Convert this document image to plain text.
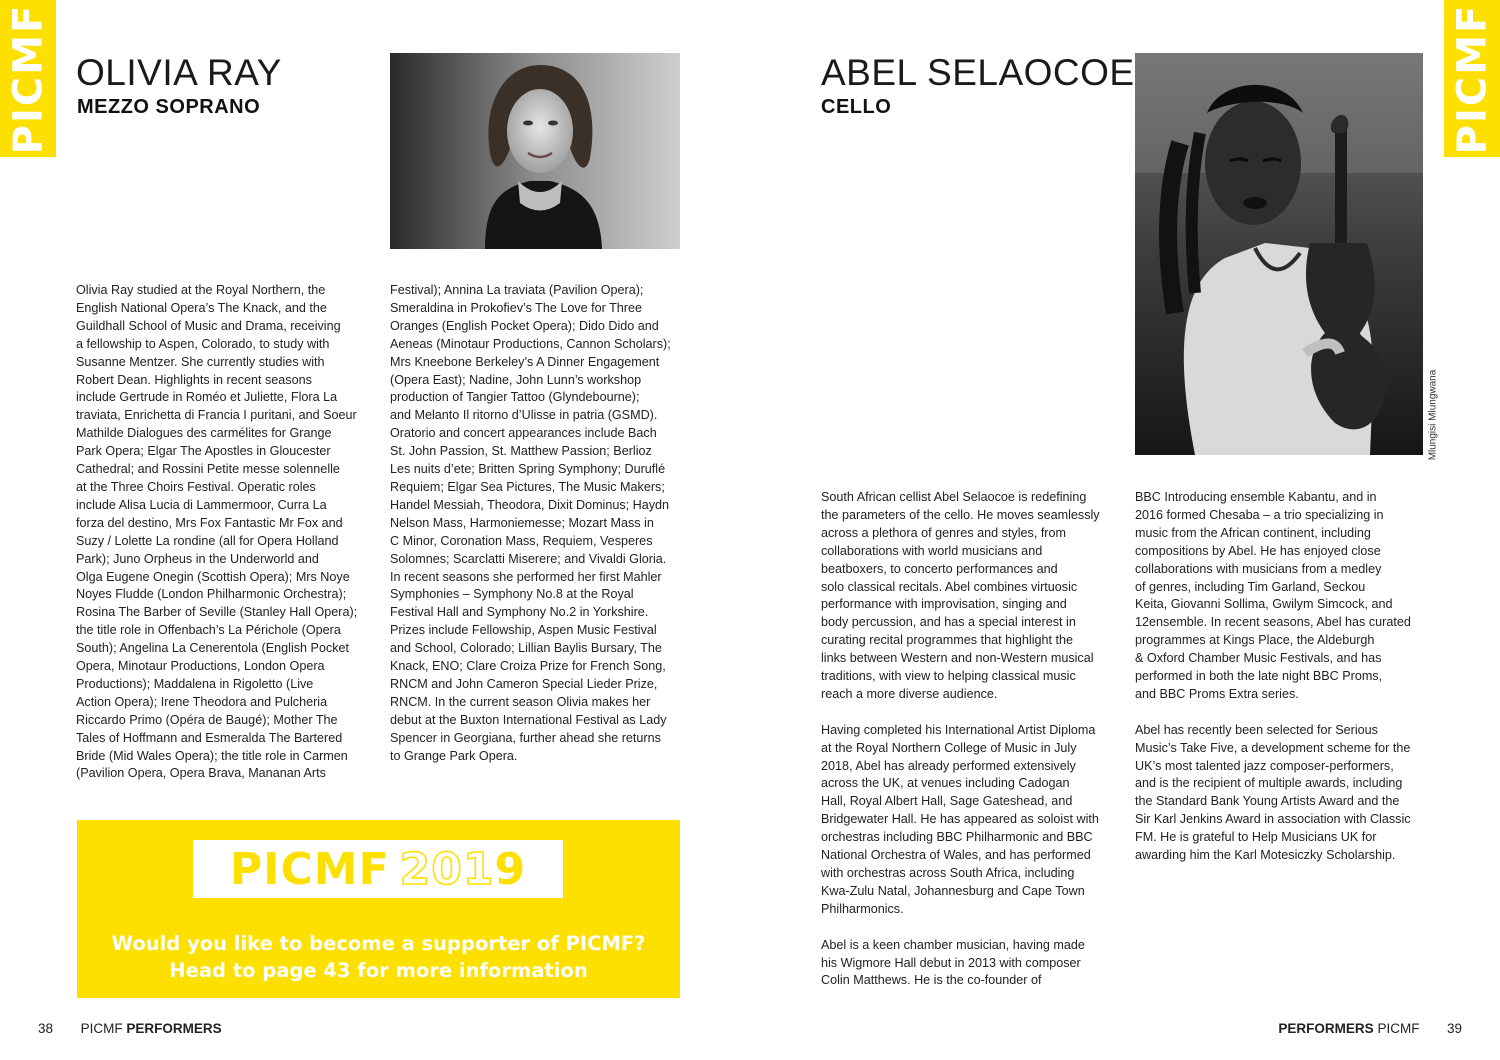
PICMF OLIVIA RAY
MEZZO SOPRANO

Olivia Ray studied at the Royal Northern, the
English National Opera’s The Knack, and the
Guildhall School of Music and Drama, receiving
a fellowship to Aspen, Colorado, to study with
Susanne Mentzer. She currently studies with
Robert Dean. Highlights in recent seasons
include Gertrude in Roméo et Juliette, Flora La
traviata, Enrichetta di Francia I puritani, and Soeur
Mathilde Dialogues des carmélites for Grange
Park Opera; Elgar The Apostles in Gloucester
Cathedral; and Rossini Petite messe solennelle
at the Three Choirs Festival. Operatic roles
include Alisa Lucia di Lammermoor, Curra La
forza del destino, Mrs Fox Fantastic Mr Fox and
Suzy / Lolette La rondine (all for Opera Holland
Park); Juno Orpheus in the Underworld and
Olga Eugene Onegin (Scottish Opera); Mrs Noye
Noyes Fludde (London Philharmonic Orchestra);
Rosina The Barber of Seville (Stanley Hall Opera);
the title role in Offenbach’s La Périchole (Opera
South); Angelina La Cenerentola (English Pocket
Opera, Minotaur Productions, London Opera
Productions); Maddalena in Rigoletto (Live
Action Opera); Irene Theodora and Pulcheria
Riccardo Primo (Opéra de Baugé); Mother The
Tales of Hoffmann and Esmeralda The Bartered
Bride (Mid Wales Opera); the title role in Carmen
(Pavilion Opera, Opera Brava, Mananan Arts

Festival); Annina La traviata (Pavilion Opera);
Smeraldina in Prokofiev’s The Love for Three
Oranges (English Pocket Opera); Dido Dido and
Aeneas (Minotaur Productions, Cannon Scholars);
Mrs Kneebone Berkeley’s A Dinner Engagement
(Opera East); Nadine, John Lunn’s workshop
production of Tangier Tattoo (Glyndebourne);
and Melanto Il ritorno d’Ulisse in patria (GSMD).
Oratorio and concert appearances include Bach
St. John Passion, St. Matthew Passion; Berlioz
Les nuits d’ete; Britten Spring Symphony; Duruflé
Requiem; Elgar Sea Pictures, The Music Makers;
Handel Messiah, Theodora, Dixit Dominus; Haydn
Nelson Mass, Harmoniemesse; Mozart Mass in
C Minor, Coronation Mass, Requiem, Vesperes
Solomnes; Scarclatti Miserere; and Vivaldi Gloria.
In recent seasons she performed her first Mahler
Symphonies – Symphony No.8 at the Royal
Festival Hall and Symphony No.2 in Yorkshire.
Prizes include Fellowship, Aspen Music Festival
and School, Colorado; Lillian Baylis Bursary, The
Knack, ENO; Clare Croiza Prize for French Song,
RNCM and John Cameron Special Lieder Prize,
RNCM. In the current season Olivia makes her
debut at the Buxton International Festival as Lady
Spencer in Georgiana, further ahead she returns
to Grange Park Opera.

PICMF 2019
Would you like to become a supporter of PICMF?
Head to page 43 for more information
38 PICMF PERFORMERS
PICMF
ABEL SELAOCOE
CELLO
Mlungisi Mlungwana

South African cellist Abel Selaocoe is redefining
the parameters of the cello. He moves seamlessly
across a plethora of genres and styles, from
collaborations with world musicians and
beatboxers, to concerto performances and
solo classical recitals. Abel combines virtuosic
performance with improvisation, singing and
body percussion, and has a special interest in
curating recital programmes that highlight the
links between Western and non-Western musical
traditions, with view to helping classical music
reach a more diverse audience.

Having completed his International Artist Diploma
at the Royal Northern College of Music in July
2018, Abel has already performed extensively
across the UK, at venues including Cadogan
Hall, Royal Albert Hall, Sage Gateshead, and
Bridgewater Hall. He has appeared as soloist with
orchestras including BBC Philharmonic and BBC
National Orchestra of Wales, and has performed
with orchestras across South Africa, including
Kwa-Zulu Natal, Johannesburg and Cape Town
Philharmonics.

Abel is a keen chamber musician, having made
his Wigmore Hall debut in 2013 with composer
Colin Matthews. He is the co-founder of

BBC Introducing ensemble Kabantu, and in
2016 formed Chesaba – a trio specializing in
music from the African continent, including
compositions by Abel. He has enjoyed close
collaborations with musicians from a medley
of genres, including Tim Garland, Seckou
Keita, Giovanni Sollima, Gwilym Simcock, and
12ensemble. In recent seasons, Abel has curated
programmes at Kings Place, the Aldeburgh
& Oxford Chamber Music Festivals, and has
performed in both the late night BBC Proms,
and BBC Proms Extra series.

Abel has recently been selected for Serious
Music’s Take Five, a development scheme for the
UK’s most talented jazz composer-performers,
and is the recipient of multiple awards, including
the Standard Bank Young Artists Award and the
Sir Karl Jenkins Award in association with Classic
FM. He is grateful to Help Musicians UK for
awarding him the Karl Motesiczky Scholarship.

PERFORMERS PICMF 39
